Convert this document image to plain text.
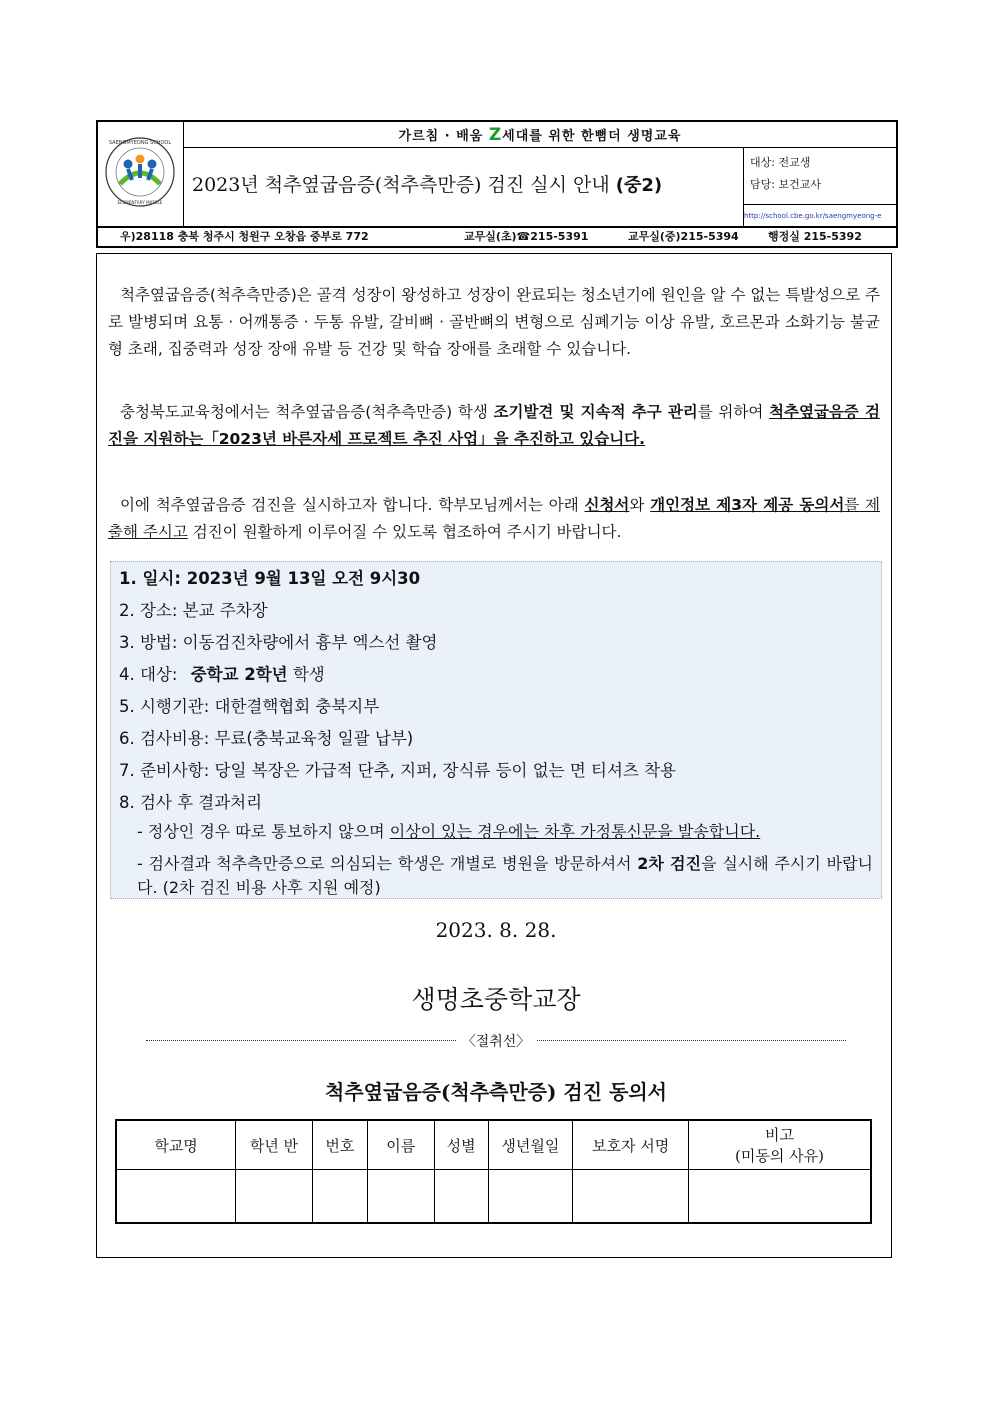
SAENGMYEONG SCHOOL
ELEMENTARY MIDDLE
가르침 · 배움 Z세대를 위한 한뼘더 생명교육
2023년 척추옆굽음증(척추측만증) 검진 실시 안내 (중2)
대상: 전교생
담당: 보건교사
http://school.cbe.go.kr/saengmyeong-e
우)28118 충북 청주시 청원구 오창읍 중부로 772	교무실(초)☎215-5391	교무실(중)215-5394	행정실 215-5392

척추옆굽음증(척추측만증)은 골격 성장이 왕성하고 성장이 완료되는 청소년기에 원인을 알 수 없는 특발성으로 주로 발병되며 요통 · 어깨통증 · 두통 유발, 갈비뼈 · 골반뼈의 변형으로 심폐기능 이상 유발, 호르몬과 소화기능 불균형 초래, 집중력과 성장 장애 유발 등 건강 및 학습 장애를 초래할 수 있습니다.

충청북도교육청에서는 척추옆굽음증(척추측만증) 학생 조기발견 및 지속적 추구 관리를 위하여 척추옆굽음증 검진을 지원하는「2023년 바른자세 프로젝트 추진 사업」을 추진하고 있습니다.

이에 척추옆굽음증 검진을 실시하고자 합니다. 학부모님께서는 아래 신청서와 개인정보 제3자 제공 동의서를 제출해 주시고 검진이 원활하게 이루어질 수 있도록 협조하여 주시기 바랍니다.

1. 일시: 2023년 9월 13일 오전 9시30
2. 장소: 본교 주차장
3. 방법: 이동검진차량에서 흉부 엑스선 촬영
4. 대상: 중학교 2학년 학생
5. 시행기관: 대한결핵협회 충북지부
6. 검사비용: 무료(충북교육청 일괄 납부)
7. 준비사항: 당일 복장은 가급적 단추, 지퍼, 장식류 등이 없는 면 티셔츠 착용
8. 검사 후 결과처리
- 정상인 경우 따로 통보하지 않으며 이상이 있는 경우에는 차후 가정통신문을 발송합니다.
- 검사결과 척추측만증으로 의심되는 학생은 개별로 병원을 방문하셔서 2차 검진을 실시해 주시기 바랍니다. (2차 검진 비용 사후 지원 예정)
2023. 8. 28.
생명초중학교장
〈절취선〉
척추옆굽음증(척추측만증) 검진 동의서
학교명	학년 반	번호	이름	성별	생년월일	보호자 서명	비고
(미동의 사유)
